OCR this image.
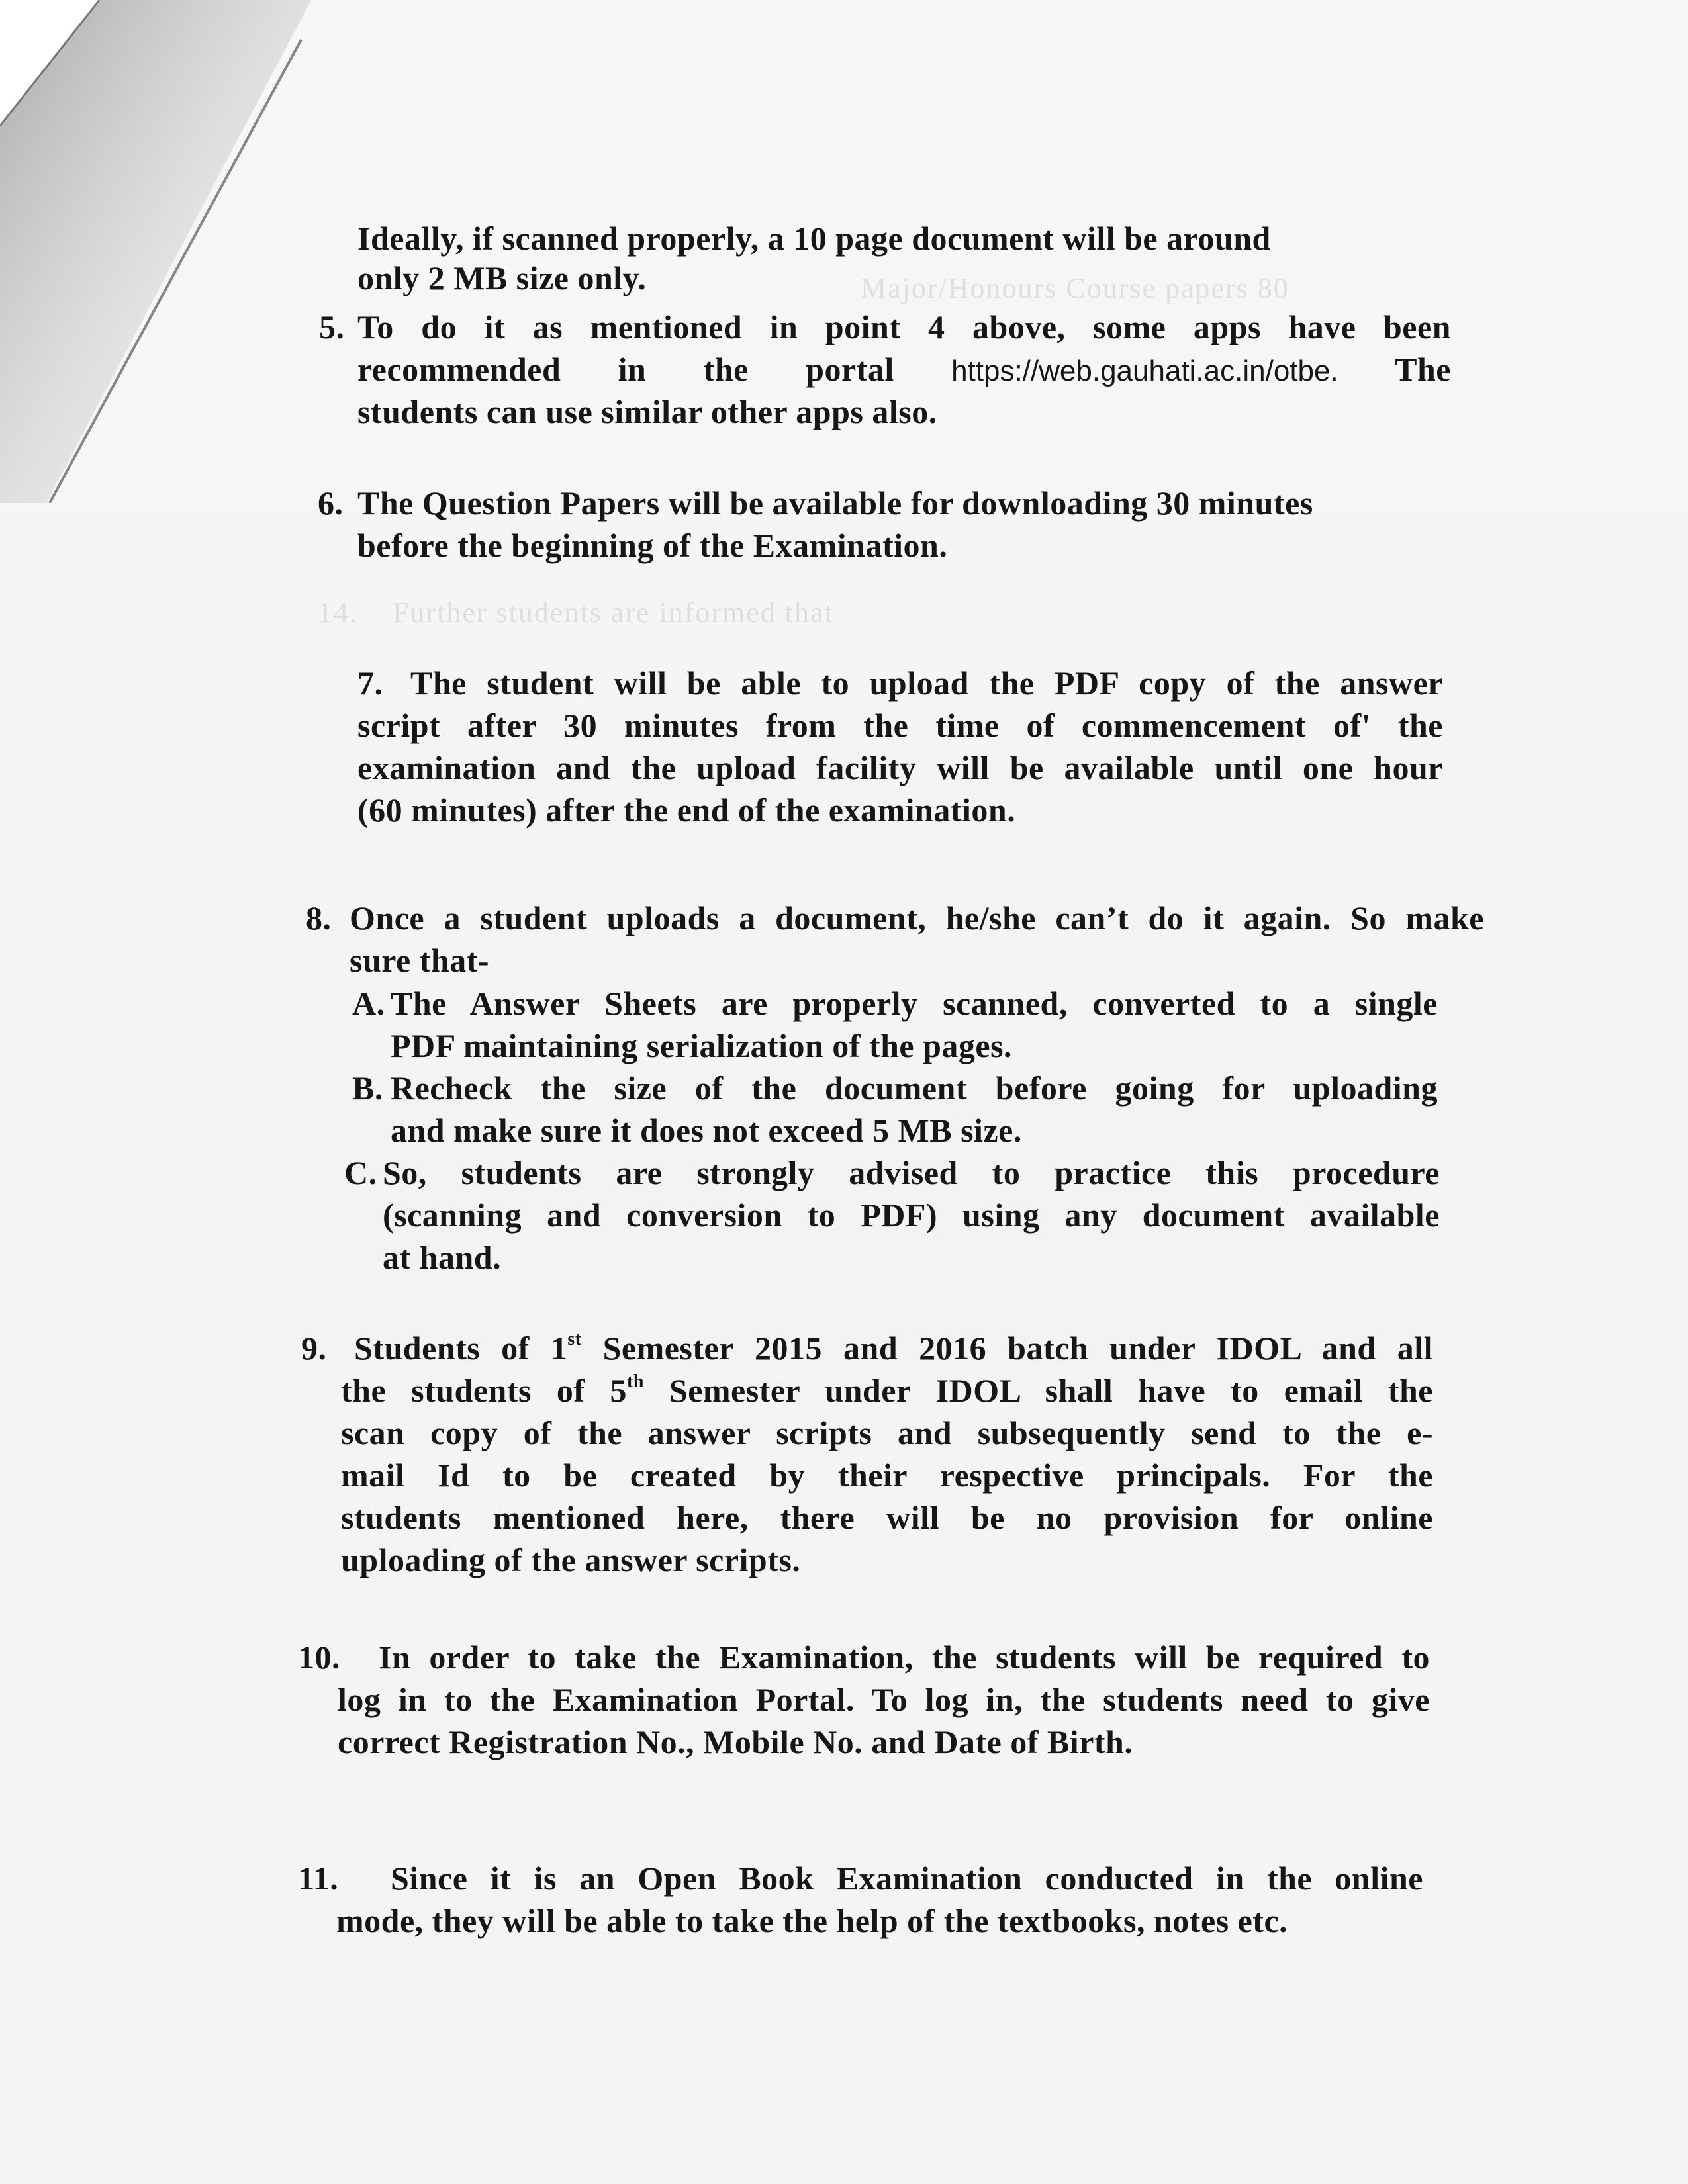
14.    Further students are informed that
Major/Honours Course papers 80
Ideally, if scanned properly, a 10 page document will be around
only 2 MB size only.
5. To do it as mentioned in point 4 above, some apps have been
recommended in the portal https://web.gauhati.ac.in/otbe. The
students can use similar other apps also.
6. The Question Papers will be available for downloading 30 minutes
before the beginning of the Examination.
7. The student will be able to upload the PDF copy of the answer
script after 30 minutes from the time of commencement of' the
examination and the upload facility will be available until one hour
(60 minutes) after the end of the examination.
8. Once a student uploads a document, he/she can’t do it again. So make
sure that-
A. The Answer Sheets are properly scanned, converted to a single
PDF maintaining serialization of the pages.
B. Recheck the size of the document before going for uploading
and make sure it does not exceed 5 MB size.
C. So, students are strongly advised to practice this procedure
(scanning and conversion to PDF) using any document available
at hand.
9. Students of 1st Semester 2015 and 2016 batch under IDOL and all
the students of 5th Semester under IDOL shall have to email the
scan copy of the answer scripts and subsequently send to the e-
mail Id to be created by their respective principals. For the
students mentioned here, there will be no provision for online
uploading of the answer scripts.
10. In order to take the Examination, the students will be required to
log in to the Examination Portal. To log in, the students need to give
correct Registration No., Mobile No. and Date of Birth.
11. Since it is an Open Book Examination conducted in the online
mode, they will be able to take the help of the textbooks, notes etc.
